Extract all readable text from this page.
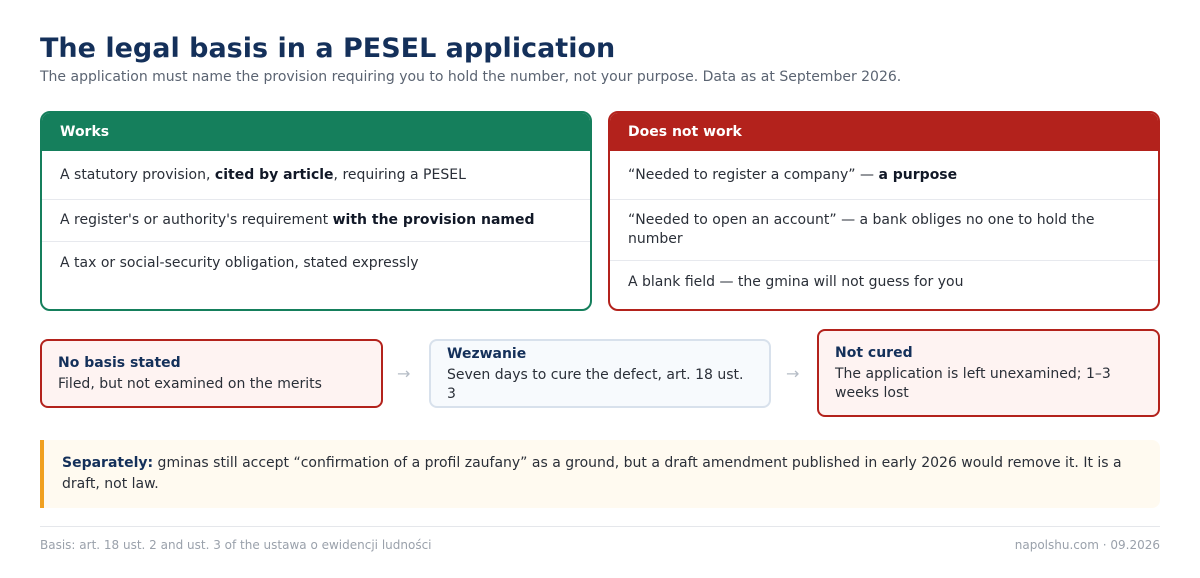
The legal basis in a PESEL application
The application must name the provision requiring you to hold the number, not your purpose. Data as at September 2026.
Works
A statutory provision, cited by article, requiring a PESEL
A register's or authority's requirement with the provision named
A tax or social-security obligation, stated expressly
Does not work
“Needed to register a company” — a purpose
“Needed to open an account” — a bank obliges no one to hold the number
A blank field — the gmina will not guess for you
No basis stated
Filed, but not examined on the merits
→
Wezwanie
Seven days to cure the defect, art. 18 ust. 3
→
Not cured
The application is left unexamined; 1–3 weeks lost
Separately: gminas still accept “confirmation of a profil zaufany” as a ground, but a draft amendment published in early 2026 would remove it. It is a draft, not law.
Basis: art. 18 ust. 2 and ust. 3 of the ustawa o ewidencji ludności	napolshu.com · 09.2026
